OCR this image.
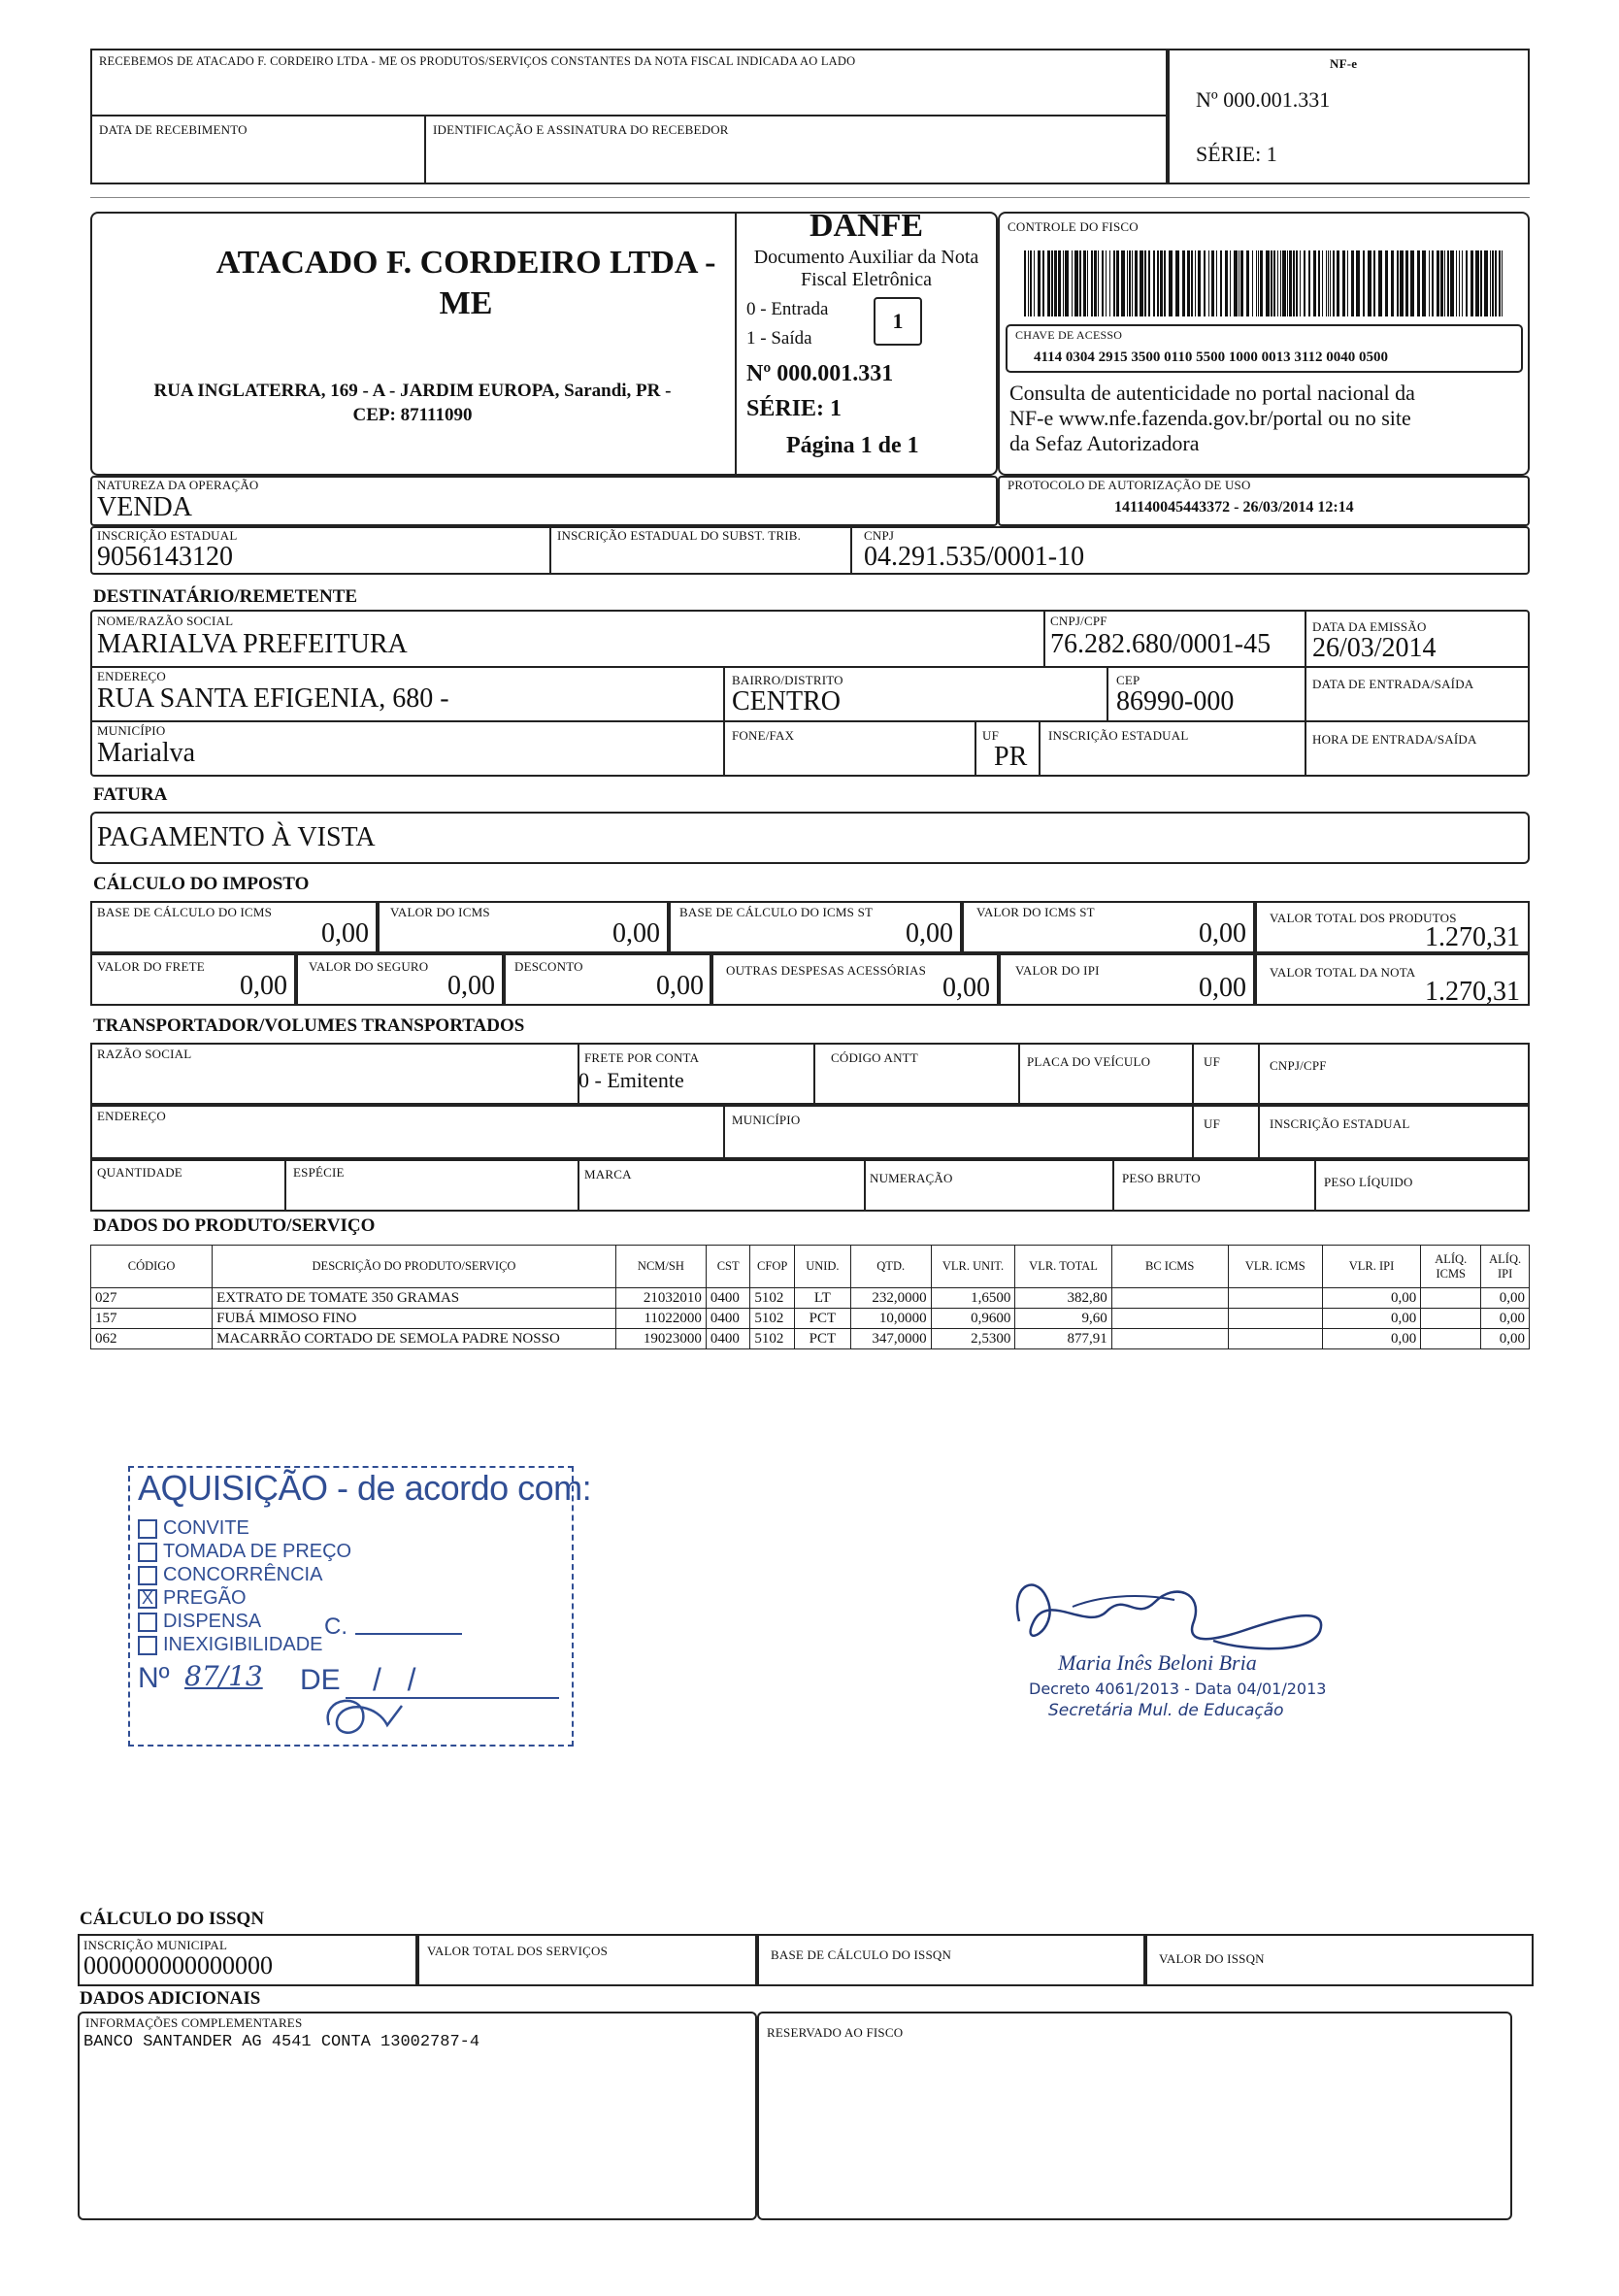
RECEBEMOS DE ATACADO F. CORDEIRO LTDA - ME OS PRODUTOS/SERVIÇOS CONSTANTES DA NOTA FISCAL INDICADA AO LADO
DATA DE RECEBIMENTO	IDENTIFICAÇÃO E ASSINATURA DO RECEBEDOR
NF-e
Nº 000.001.331
SÉRIE: 1
ATACADO F. CORDEIRO LTDA - ME
RUA INGLATERRA, 169 - A - JARDIM EUROPA, Sarandi, PR -
CEP: 87111090
DANFE
Documento Auxiliar da Nota
Fiscal Eletrônica
0 - Entrada
1 - Saída
1
Nº 000.001.331
SÉRIE: 1
Página 1 de 1
CONTROLE DO FISCO
CHAVE DE ACESSO
4114 0304 2915 3500 0110 5500 1000 0013 3112 0040 0500
Consulta de autenticidade no portal nacional da
NF-e www.nfe.fazenda.gov.br/portal ou no site
da Sefaz Autorizadora
NATUREZA DA OPERAÇÃO
VENDA
PROTOCOLO DE AUTORIZAÇÃO DE USO
141140045443372 - 26/03/2014 12:14
INSCRIÇÃO ESTADUAL
9056143120
INSCRIÇÃO ESTADUAL DO SUBST. TRIB.	CNPJ
04.291.535/0001-10
DESTINATÁRIO/REMETENTE
NOME/RAZÃO SOCIAL
MARIALVA PREFEITURA
CNPJ/CPF
76.282.680/0001-45
DATA DA EMISSÃO
26/03/2014
ENDEREÇO
RUA SANTA EFIGENIA, 680 -
BAIRRO/DISTRITO
CENTRO
CEP
86990-000
DATA DE ENTRADA/SAÍDA
MUNICÍPIO
Marialva
FONE/FAX	UF
PR
INSCRIÇÃO ESTADUAL	HORA DE ENTRADA/SAÍDA
FATURA
PAGAMENTO À VISTA
CÁLCULO DO IMPOSTO
BASE DE CÁLCULO DO ICMS
0,00
VALOR DO ICMS
0,00
BASE DE CÁLCULO DO ICMS ST
0,00
VALOR DO ICMS ST
0,00
VALOR TOTAL DOS PRODUTOS
1.270,31
VALOR DO FRETE
0,00
VALOR DO SEGURO
0,00
DESCONTO
0,00
OUTRAS DESPESAS ACESSÓRIAS
0,00
VALOR DO IPI
0,00
VALOR TOTAL DA NOTA
1.270,31
TRANSPORTADOR/VOLUMES TRANSPORTADOS
RAZÃO SOCIAL	FRETE POR CONTA
0 - Emitente
CÓDIGO ANTT	PLACA DO VEÍCULO	UF	CNPJ/CPF
ENDEREÇO	MUNICÍPIO	UF	INSCRIÇÃO ESTADUAL
QUANTIDADE	ESPÉCIE	MARCA	NUMERAÇÃO	PESO BRUTO	PESO LÍQUIDO
DADOS DO PRODUTO/SERVIÇO
CÓDIGO	DESCRIÇÃO DO PRODUTO/SERVIÇO	NCM/SH	CST	CFOP	UNID.	QTD.	VLR. UNIT.	VLR. TOTAL	BC ICMS	VLR. ICMS	VLR. IPI	ALÍQ. ICMS	ALÍQ. IPI
027	EXTRATO DE TOMATE 350 GRAMAS	21032010	0400	5102	LT	232,0000	1,6500	382,80			0,00		0,00
157	FUBÁ MIMOSO FINO	11022000	0400	5102	PCT	10,0000	0,9600	9,60			0,00		0,00
062	MACARRÃO CORTADO DE SEMOLA PADRE NOSSO	19023000	0400	5102	PCT	347,0000	2,5300	877,91			0,00		0,00
AQUISIÇÃO - de acordo com:
CONVITE
TOMADA DE PREÇO
CONCORRÊNCIA
X PREGÃO
DISPENSA
INEXIGIBILIDADE
C.
Nº 87/13 DE /   /	Maria Inês Beloni Bria
Decreto 4061/2013 - Data 04/01/2013
Secretária Mul. de Educação
CÁLCULO DO ISSQN
INSCRIÇÃO MUNICIPAL
000000000000000
VALOR TOTAL DOS SERVIÇOS	BASE DE CÁLCULO DO ISSQN	VALOR DO ISSQN
DADOS ADICIONAIS
INFORMAÇÕES COMPLEMENTARES
BANCO SANTANDER AG 4541 CONTA 13002787-4
RESERVADO AO FISCO
